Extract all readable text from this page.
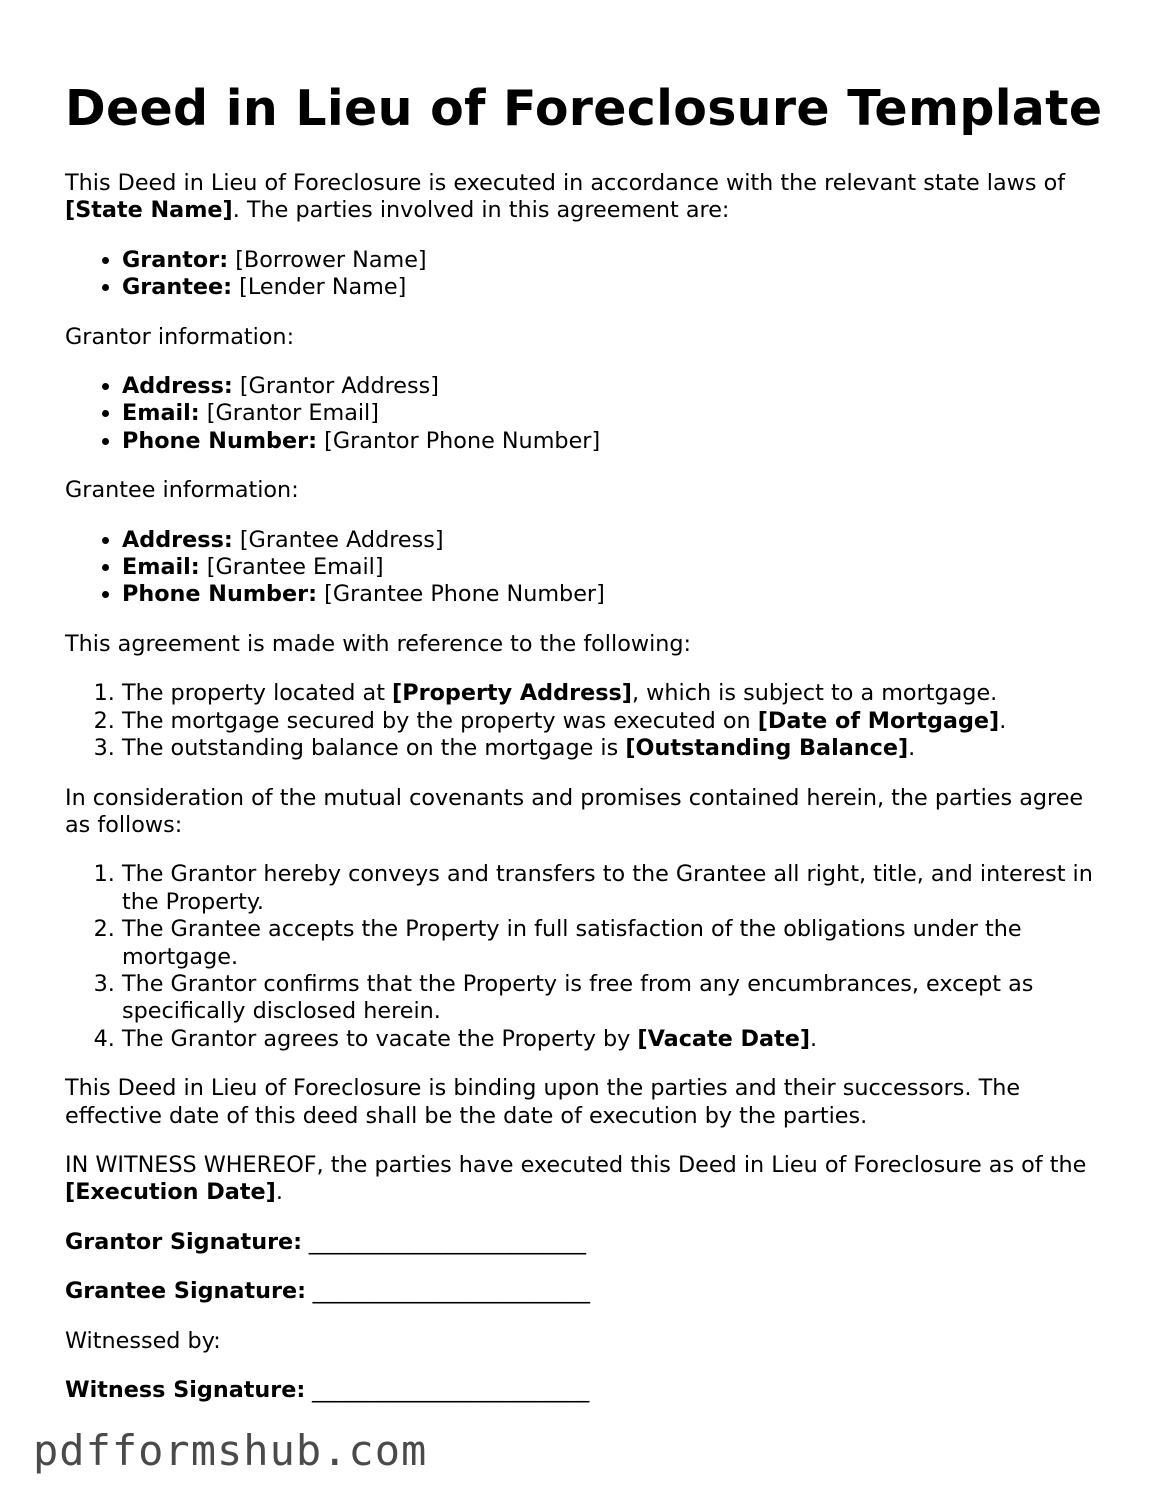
Deed in Lieu of Foreclosure Template

This Deed in Lieu of Foreclosure is executed in accordance with the relevant state laws of [State Name]. The parties involved in this agreement are:

• Grantor: [Borrower Name]
• Grantee: [Lender Name]

Grantor information:

• Address: [Grantor Address]
• Email: [Grantor Email]
• Phone Number: [Grantor Phone Number]

Grantee information:

• Address: [Grantee Address]
• Email: [Grantee Email]
• Phone Number: [Grantee Phone Number]

This agreement is made with reference to the following:

1. The property located at [Property Address], which is subject to a mortgage.
2. The mortgage secured by the property was executed on [Date of Mortgage].
3. The outstanding balance on the mortgage is [Outstanding Balance].

In consideration of the mutual covenants and promises contained herein, the parties agree as follows:

1. The Grantor hereby conveys and transfers to the Grantee all right, title, and interest in the Property.
2. The Grantee accepts the Property in full satisfaction of the obligations under the mortgage.
3. The Grantor confirms that the Property is free from any encumbrances, except as specifically disclosed herein.
4. The Grantor agrees to vacate the Property by [Vacate Date].

This Deed in Lieu of Foreclosure is binding upon the parties and their successors. The effective date of this deed shall be the date of execution by the parties.

IN WITNESS WHEREOF, the parties have executed this Deed in Lieu of Foreclosure as of the [Execution Date].

Grantor Signature: __________________________

Grantee Signature: __________________________

Witnessed by:

Witness Signature: __________________________

pdfformshub.com
